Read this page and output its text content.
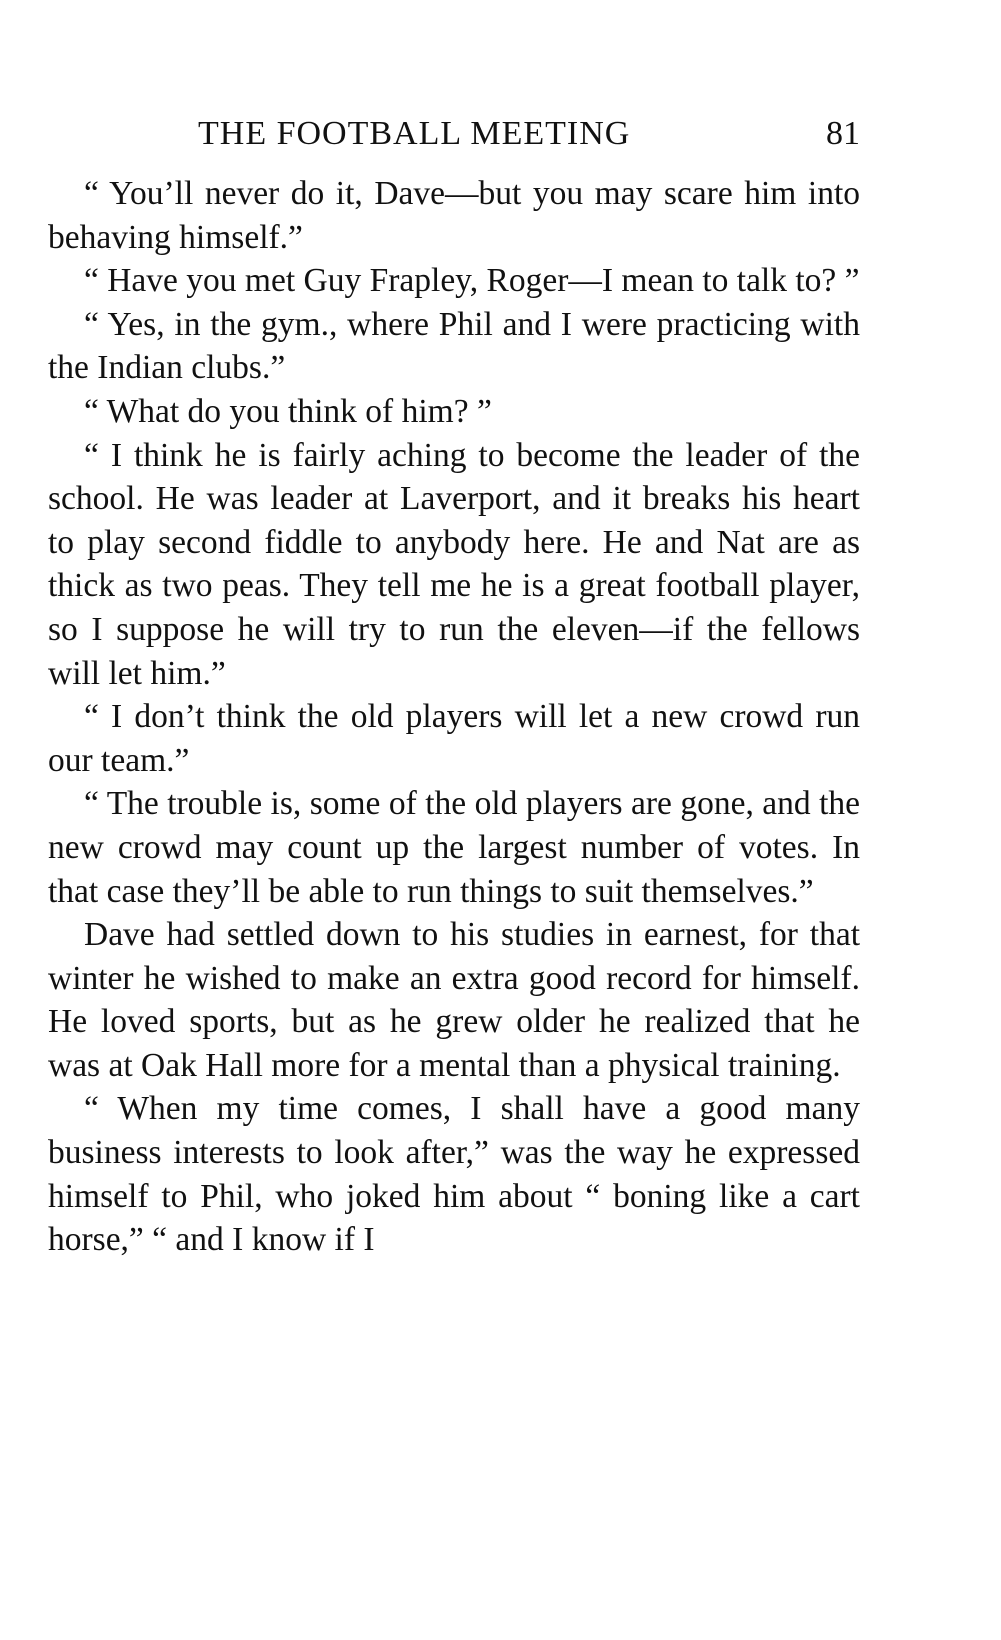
THE FOOTBALL MEETING	81

“ You’ll never do it, Dave—but you may scare him into behaving himself.”

“ Have you met Guy Frapley, Roger—I mean to talk to? ”

“ Yes, in the gym., where Phil and I were practicing with the Indian clubs.”

“ What do you think of him? ”

“ I think he is fairly aching to become the leader of the school. He was leader at Laverport, and it breaks his heart to play second fiddle to anybody here. He and Nat are as thick as two peas. They tell me he is a great football player, so I suppose he will try to run the eleven—if the fellows will let him.”

“ I don’t think the old players will let a new crowd run our team.”

“ The trouble is, some of the old players are gone, and the new crowd may count up the largest number of votes. In that case they’ll be able to run things to suit themselves.”

Dave had settled down to his studies in earnest, for that winter he wished to make an extra good record for himself. He loved sports, but as he grew older he realized that he was at Oak Hall more for a mental than a physical training.

“ When my time comes, I shall have a good many business interests to look after,” was the way he expressed himself to Phil, who joked him about “ boning like a cart horse,” “ and I know if I
